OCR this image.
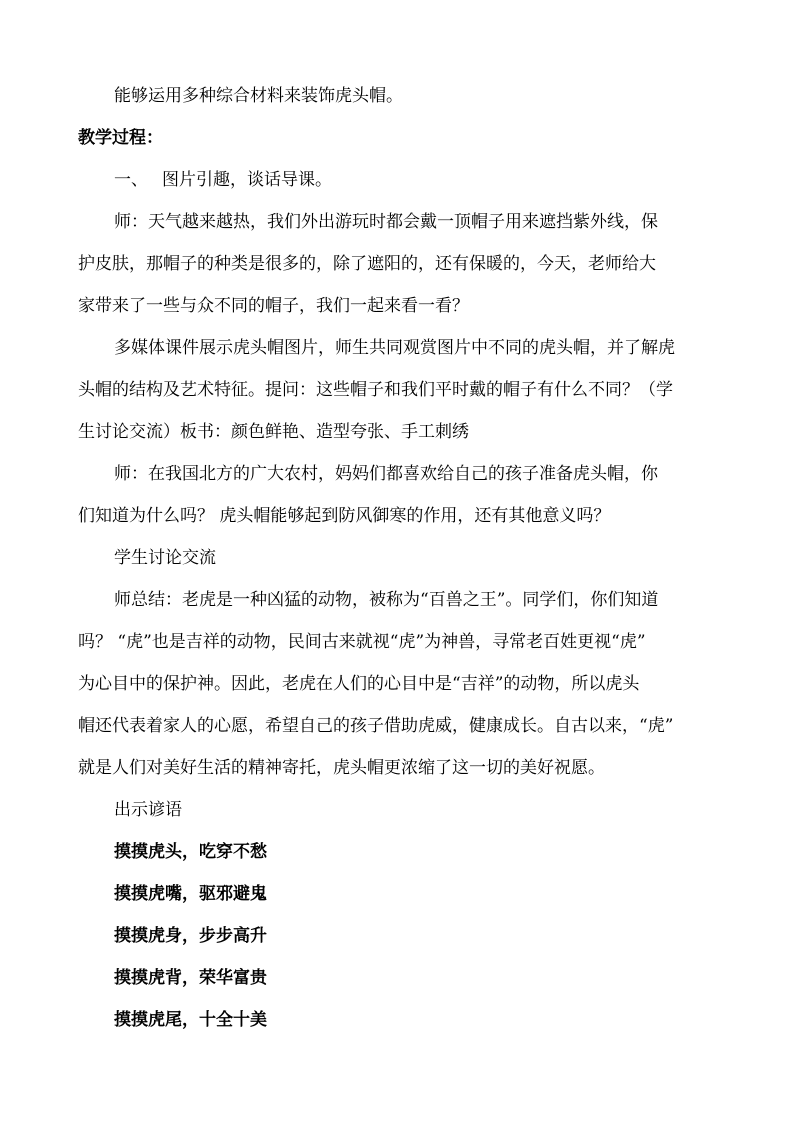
能够运用多种综合材料来装饰虎头帽。

教学过程：

一、 图片引趣，谈话导课。

师：天气越来越热，我们外出游玩时都会戴一顶帽子用来遮挡紫外线，保

护皮肤，那帽子的种类是很多的，除了遮阳的，还有保暖的，今天，老师给大

家带来了一些与众不同的帽子，我们一起来看一看？

多媒体课件展示虎头帽图片，师生共同观赏图片中不同的虎头帽，并了解虎

头帽的结构及艺术特征。提问：这些帽子和我们平时戴的帽子有什么不同？（学

生讨论交流）板书：颜色鲜艳、造型夸张、手工刺绣

师：在我国北方的广大农村，妈妈们都喜欢给自己的孩子准备虎头帽，你

们知道为什么吗？ 虎头帽能够起到防风御寒的作用，还有其他意义吗？

学生讨论交流

师总结：老虎是一种凶猛的动物，被称为“百兽之王”。同学们，你们知道

吗？ “虎”也是吉祥的动物，民间古来就视“虎”为神兽，寻常老百姓更视“虎”

为心目中的保护神。因此，老虎在人们的心目中是“吉祥”的动物，所以虎头

帽还代表着家人的心愿，希望自己的孩子借助虎威，健康成长。自古以来，“虎”

就是人们对美好生活的精神寄托，虎头帽更浓缩了这一切的美好祝愿。

出示谚语

摸摸虎头，吃穿不愁

摸摸虎嘴，驱邪避鬼

摸摸虎身，步步高升

摸摸虎背，荣华富贵

摸摸虎尾，十全十美
